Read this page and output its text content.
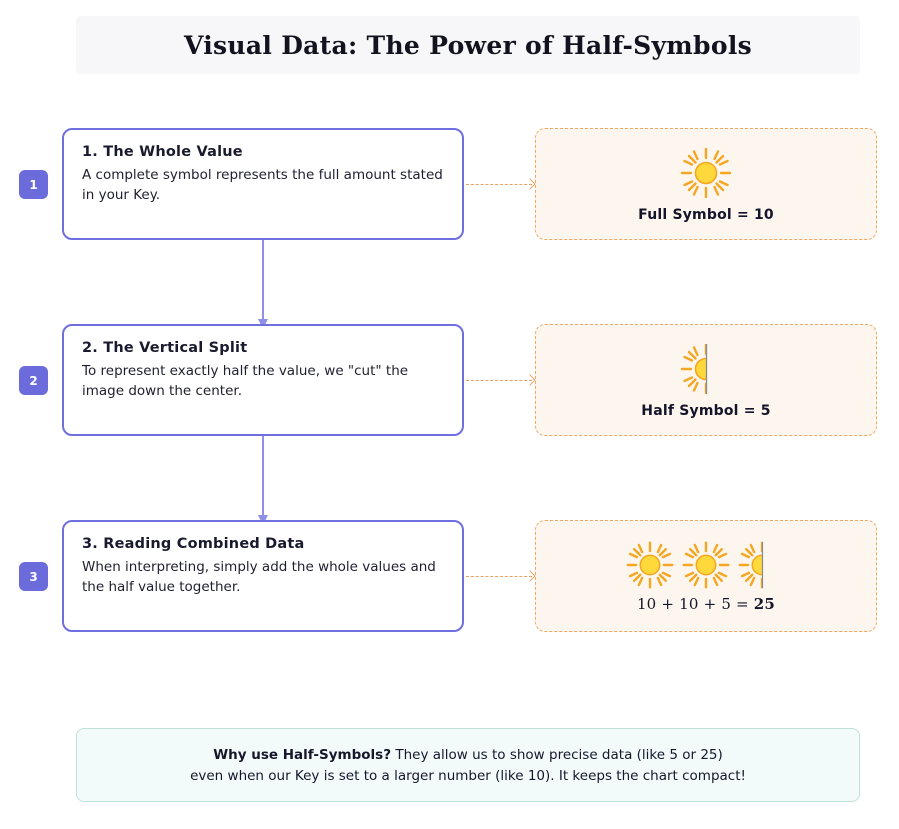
Visual Data: The Power of Half-Symbols
1
1. The Whole Value
A complete symbol represents the full amount stated in your Key.
Full Symbol = 10
2
2. The Vertical Split
To represent exactly half the value, we "cut" the image down the center.
Half Symbol = 5
3
3. Reading Combined Data
When interpreting, simply add the whole values and the half value together.
10 + 10 + 5 = 25
Why use Half-Symbols? They allow us to show precise data (like 5 or 25)
even when our Key is set to a larger number (like 10). It keeps the chart compact!
